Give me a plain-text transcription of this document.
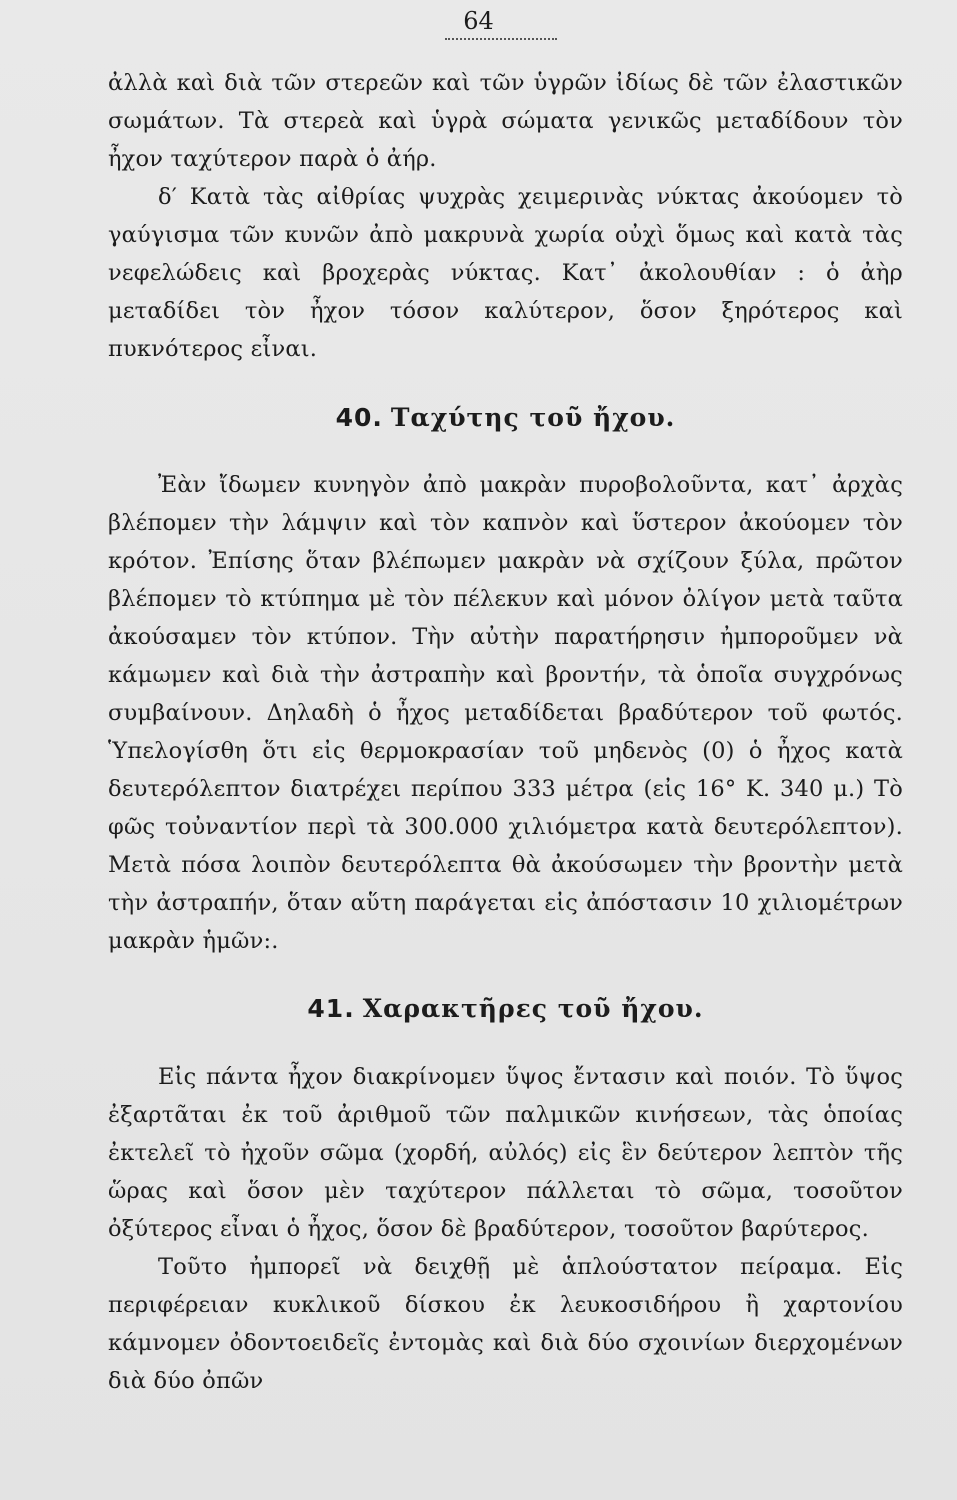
64

ἀλλὰ καὶ διὰ τῶν στερεῶν καὶ τῶν ὑγρῶν ἰδίως δὲ τῶν ἐλαστικῶν σωμάτων. Τὰ στερεὰ καὶ ὑγρὰ σώματα γενικῶς μεταδίδουν τὸν ἦχον ταχύτερον παρὰ ὁ ἀήρ.

δ′ Κατὰ τὰς αἰθρίας ψυχρὰς χειμερινὰς νύκτας ἀκούομεν τὸ γαύγισμα τῶν κυνῶν ἀπὸ μακρυνὰ χωρία οὐχὶ ὅμως καὶ κατὰ τὰς νεφελώδεις καὶ βροχερὰς νύκτας. Κατ᾽ ἀκολουθίαν : ὁ ἀὴρ μεταδίδει τὸν ἦχον τόσον καλύτερον, ὅσον ξηρότερος καὶ πυκνότερος εἶναι.

40. Ταχύτης τοῦ ἤχου.

Ἐὰν ἴδωμεν κυνηγὸν ἀπὸ μακρὰν πυροβολοῦντα, κατ᾽ ἀρχὰς βλέπομεν τὴν λάμψιν καὶ τὸν καπνὸν καὶ ὕστερον ἀκούομεν τὸν κρότον. Ἐπίσης ὅταν βλέπωμεν μακρὰν νὰ σχίζουν ξύλα, πρῶτον βλέπομεν τὸ κτύπημα μὲ τὸν πέλεκυν καὶ μόνον ὀλίγον μετὰ ταῦτα ἀκούσαμεν τὸν κτύπον. Τὴν αὐτὴν παρατήρησιν ἠμποροῦμεν νὰ κάμωμεν καὶ διὰ τὴν ἀστραπὴν καὶ βροντήν, τὰ ὁποῖα συγχρόνως συμβαίνουν. Δηλαδὴ ὁ ἦχος μεταδίδεται βραδύτερον τοῦ φωτός. Ὑπελογίσθη ὅτι εἰς θερμοκρασίαν τοῦ μηδενὸς (0) ὁ ἦχος κατὰ δευτερόλεπτον διατρέχει περίπου 333 μέτρα (εἰς 16° Κ. 340 μ.) Τὸ φῶς τοὐναντίον περὶ τὰ 300.000 χιλιόμετρα κατὰ δευτερόλεπτον). Μετὰ πόσα λοιπὸν δευτερόλεπτα θὰ ἀκούσωμεν τὴν βροντὴν μετὰ τὴν ἀστραπήν, ὅταν αὕτη παράγεται εἰς ἀπόστασιν 10 χιλιομέτρων μακρὰν ἡμῶν:.

41. Χαρακτῆρες τοῦ ἤχου.

Εἰς πάντα ἦχον διακρίνομεν ὕψος ἔντασιν καὶ ποιόν. Τὸ ὕψος ἐξαρτᾶται ἐκ τοῦ ἀριθμοῦ τῶν παλμικῶν κινήσεων, τὰς ὁποίας ἐκτελεῖ τὸ ἠχοῦν σῶμα (χορδή, αὐλός) εἰς ἓν δεύτερον λεπτὸν τῆς ὥρας καὶ ὅσον μὲν ταχύτερον πάλλεται τὸ σῶμα, τοσοῦτον ὀξύτερος εἶναι ὁ ἦχος, ὅσον δὲ βραδύτερον, τοσοῦτον βαρύτερος.

Τοῦτο ἠμπορεῖ νὰ δειχθῇ μὲ ἁπλούστατον πείραμα. Εἰς περιφέρειαν κυκλικοῦ δίσκου ἐκ λευκοσιδήρου ἢ χαρτονίου κάμνομεν ὀδοντοειδεῖς ἐντομὰς καὶ διὰ δύο σχοινίων διερχομένων διὰ δύο ὀπῶν
